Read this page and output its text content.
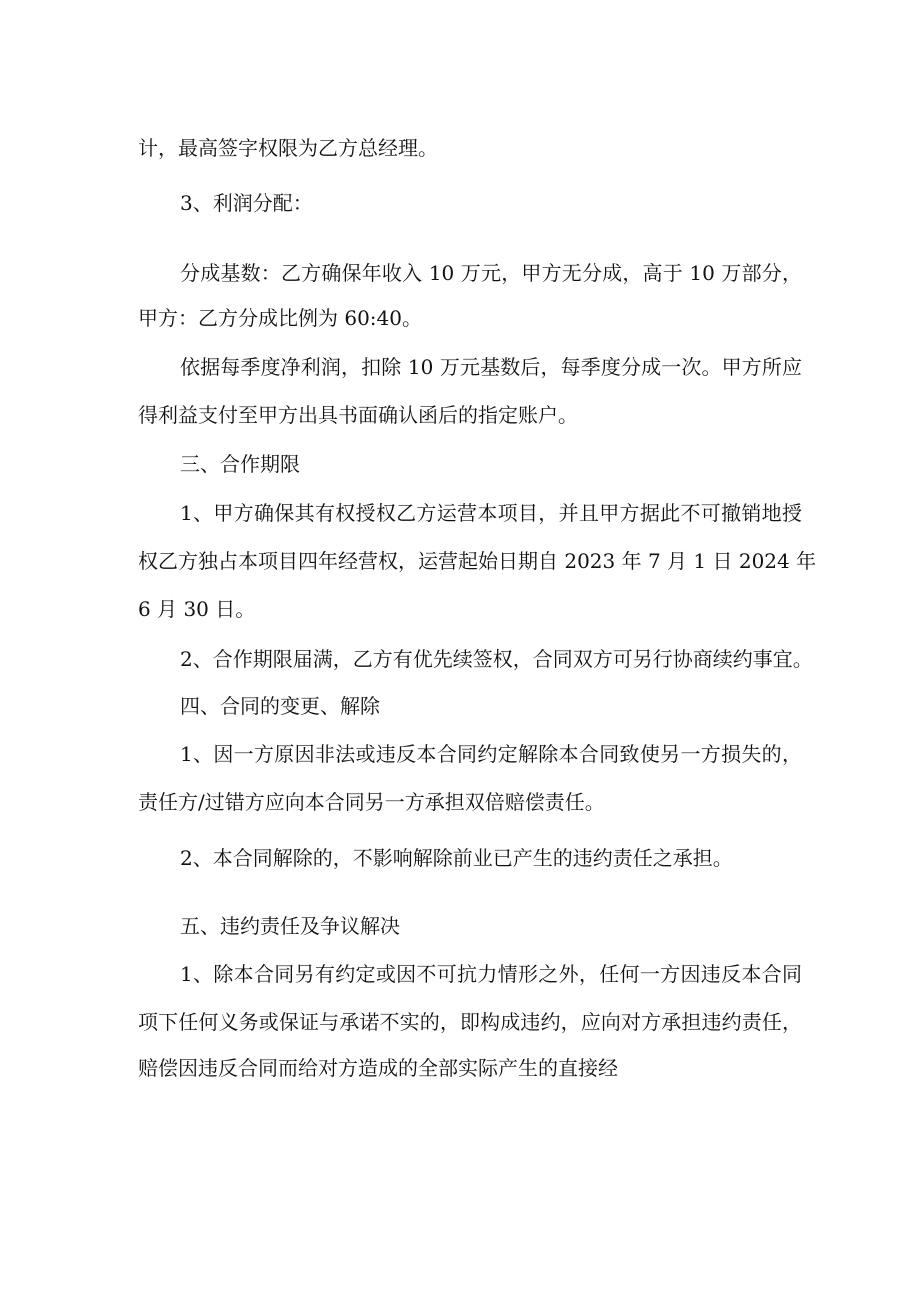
计，最高签字权限为乙方总经理。
3、利润分配：
分成基数：乙方确保年收入 10 万元，甲方无分成，高于 10 万部分，
甲方：乙方分成比例为 60:40。
依据每季度净利润，扣除 10 万元基数后，每季度分成一次。甲方所应
得利益支付至甲方出具书面确认函后的指定账户。
三、合作期限
1、甲方确保其有权授权乙方运营本项目，并且甲方据此不可撤销地授
权乙方独占本项目四年经营权，运营起始日期自 2023 年 7 月 1 日 2024 年
6 月 30 日。
2、合作期限届满，乙方有优先续签权，合同双方可另行协商续约事宜。
四、合同的变更、解除
1、因一方原因非法或违反本合同约定解除本合同致使另一方损失的，
责任方/过错方应向本合同另一方承担双倍赔偿责任。
2、本合同解除的，不影响解除前业已产生的违约责任之承担。
五、违约责任及争议解决
1、除本合同另有约定或因不可抗力情形之外，任何一方因违反本合同
项下任何义务或保证与承诺不实的，即构成违约，应向对方承担违约责任，
赔偿因违反合同而给对方造成的全部实际产生的直接经
